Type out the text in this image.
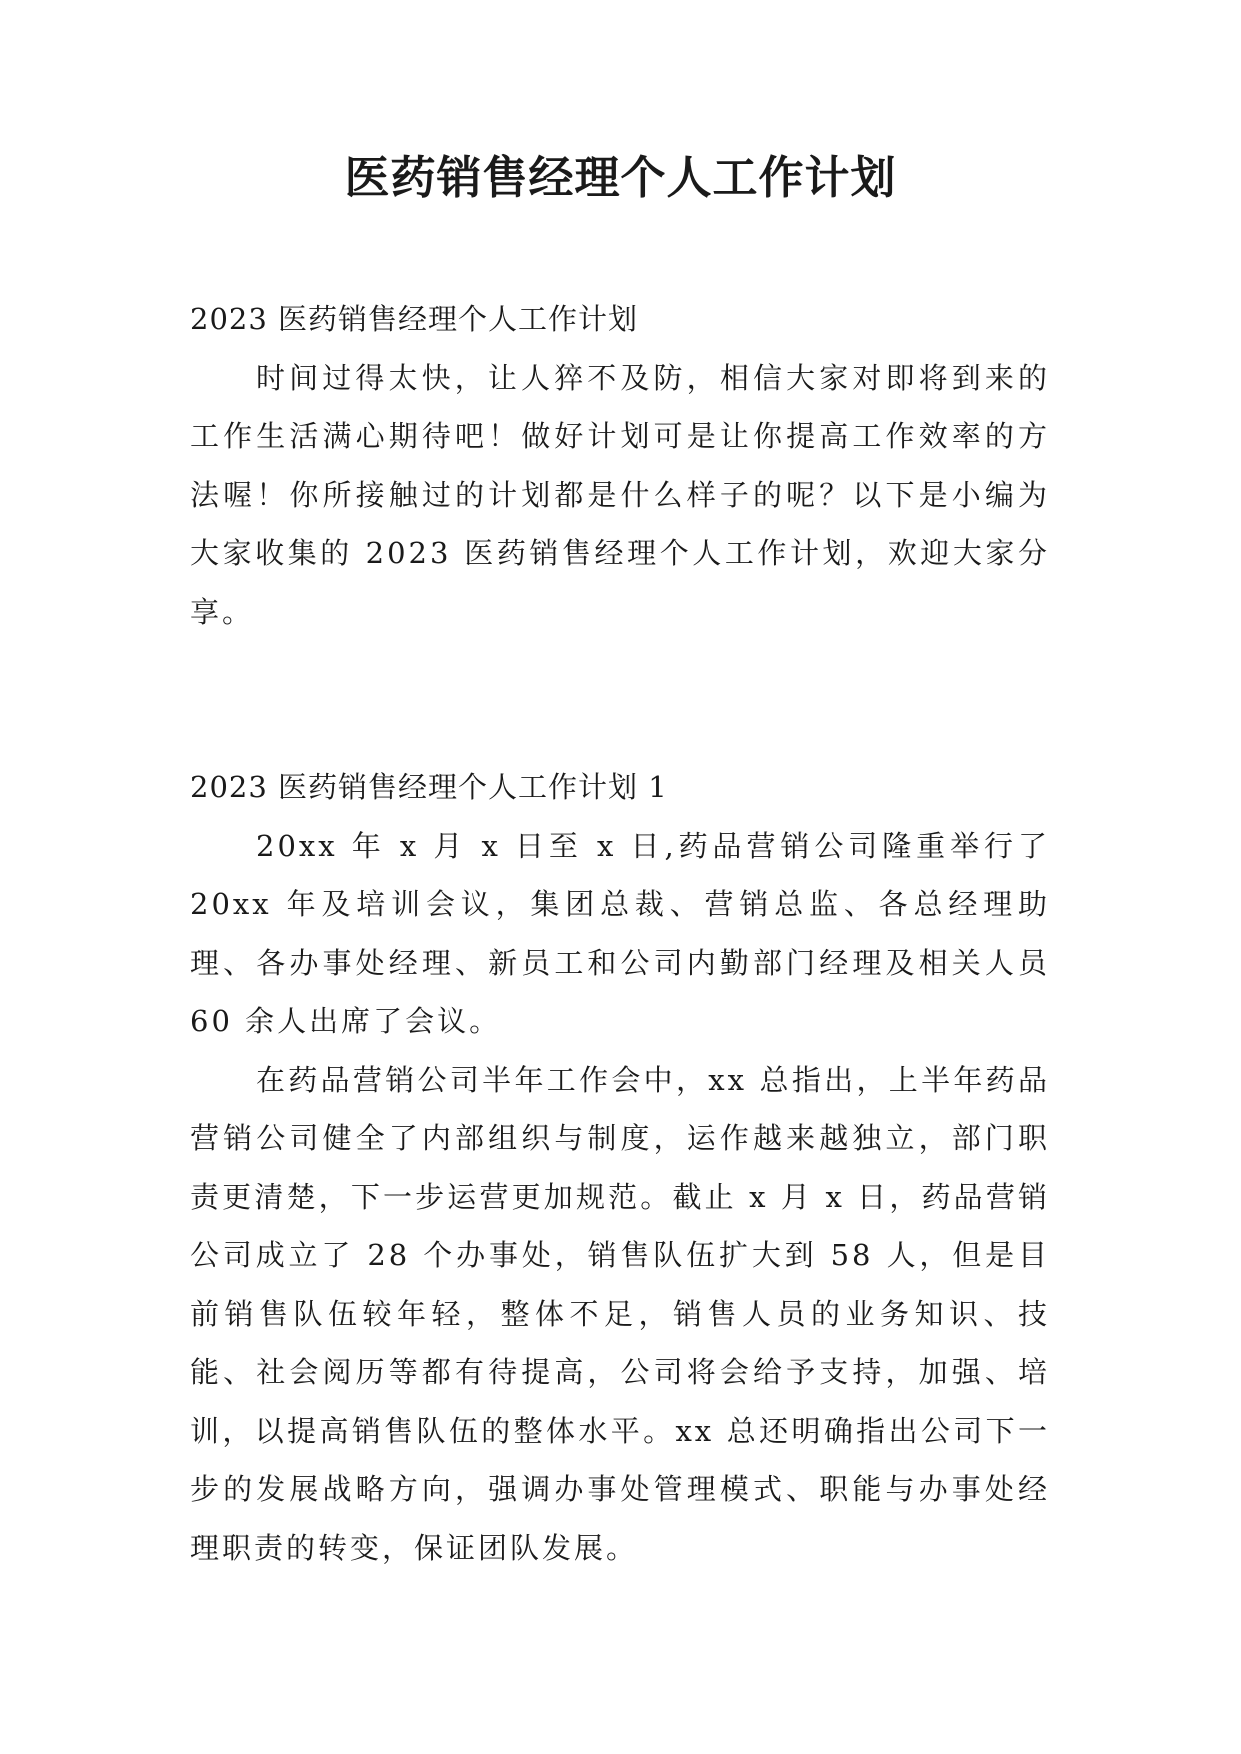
医药销售经理个人工作计划

2023 医药销售经理个人工作计划

时间过得太快，让人猝不及防，相信大家对即将到来的工作生活满心期待吧！做好计划可是让你提高工作效率的方法喔！你所接触过的计划都是什么样子的呢？以下是小编为大家收集的 2023 医药销售经理个人工作计划，欢迎大家分享。

2023 医药销售经理个人工作计划 1

20xx 年 x 月 x 日至 x 日,药品营销公司隆重举行了 20xx 年及培训会议，集团总裁、营销总监、各总经理助理、各办事处经理、新员工和公司内勤部门经理及相关人员 60 余人出席了会议。

在药品营销公司半年工作会中，xx 总指出，上半年药品营销公司健全了内部组织与制度，运作越来越独立，部门职责更清楚，下一步运营更加规范。截止 x 月 x 日，药品营销公司成立了 28 个办事处，销售队伍扩大到 58 人，但是目前销售队伍较年轻，整体不足，销售人员的业务知识、技能、社会阅历等都有待提高，公司将会给予支持，加强、培训，以提高销售队伍的整体水平。xx 总还明确指出公司下一步的发展战略方向，强调办事处管理模式、职能与办事处经理职责的转变，保证团队发展。
